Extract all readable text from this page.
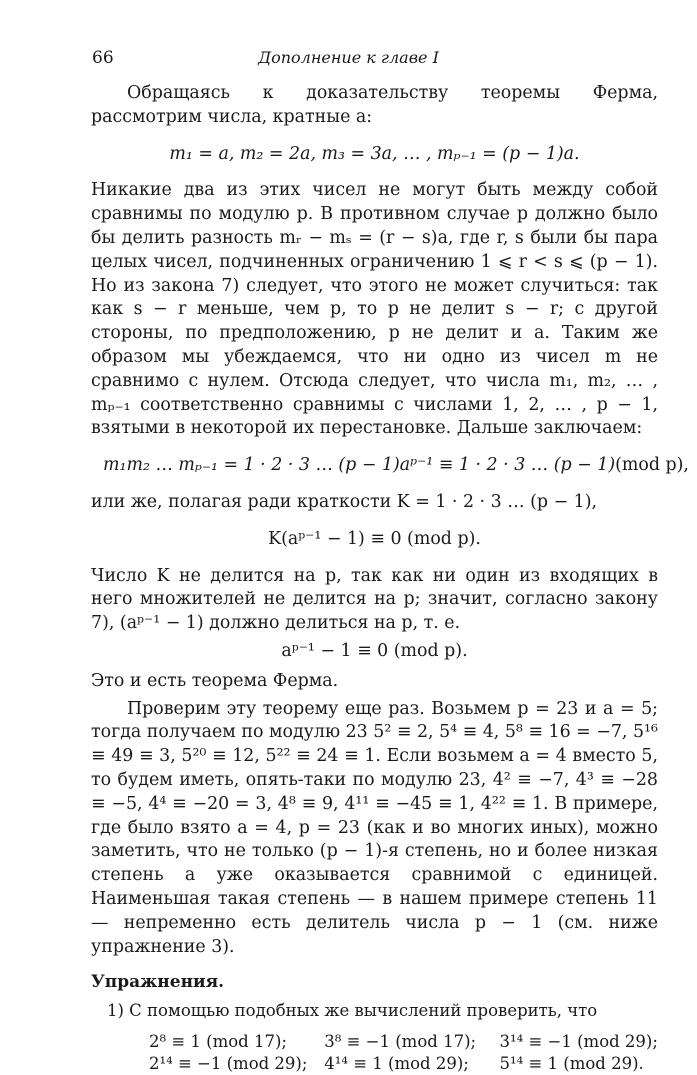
66	Дополнение к главе I

Обращаясь к доказательству теоремы Ферма, рассмотрим числа, кратные a:

m₁ = a, m₂ = 2a, m₃ = 3a, … , mₚ₋₁ = (p − 1)a.

Никакие два из этих чисел не могут быть между собой сравнимы по модулю p. В противном случае p должно было бы делить разность mᵣ − mₛ = (r − s)a, где r, s были бы пара целых чисел, подчиненных ограничению 1 ⩽ r < s ⩽ (p − 1). Но из закона 7) следует, что этого не может случиться: так как s − r меньше, чем p, то p не делит s − r; с другой стороны, по предположению, p не делит и a. Таким же образом мы убеждаемся, что ни одно из чисел m не сравнимо с нулем. Отсюда следует, что числа m₁, m₂, … , mₚ₋₁ соответственно сравнимы с числами 1, 2, … , p − 1, взятыми в некоторой их перестановке. Дальше заключаем:

m₁m₂ … mₚ₋₁ = 1 · 2 · 3 … (p − 1)aᵖ⁻¹ ≡ 1 · 2 · 3 … (p − 1) (mod p),

или же, полагая ради краткости K = 1 · 2 · 3 … (p − 1),

K(aᵖ⁻¹ − 1) ≡ 0 (mod p).

Число K не делится на p, так как ни один из входящих в него множителей не делится на p; значит, согласно закону 7), (aᵖ⁻¹ − 1) должно делиться на p, т. е.

aᵖ⁻¹ − 1 ≡ 0 (mod p).

Это и есть теорема Ферма.

Проверим эту теорему еще раз. Возьмем p = 23 и a = 5; тогда получаем по модулю 23 5² ≡ 2, 5⁴ ≡ 4, 5⁸ ≡ 16 = −7, 5¹⁶ ≡ 49 ≡ 3, 5²⁰ ≡ 12, 5²² ≡ 24 ≡ 1. Если возьмем a = 4 вместо 5, то будем иметь, опять-таки по модулю 23, 4² ≡ −7, 4³ ≡ −28 ≡ −5, 4⁴ ≡ −20 = 3, 4⁸ ≡ 9, 4¹¹ ≡ −45 ≡ 1, 4²² ≡ 1. В примере, где было взято a = 4, p = 23 (как и во многих иных), можно заметить, что не только (p − 1)-я степень, но и более низкая степень a уже оказывается сравнимой с единицей. Наименьшая такая степень — в нашем примере степень 11 — непременно есть делитель числа p − 1 (см. ниже упражнение 3).

Упражнения.
1) С помощью подобных же вычислений проверить, что
2⁸ ≡ 1 (mod 17); 3⁸ ≡ −1 (mod 17); 3¹⁴ ≡ −1 (mod 29);
2¹⁴ ≡ −1 (mod 29); 4¹⁴ ≡ 1 (mod 29); 5¹⁴ ≡ 1 (mod 29).
